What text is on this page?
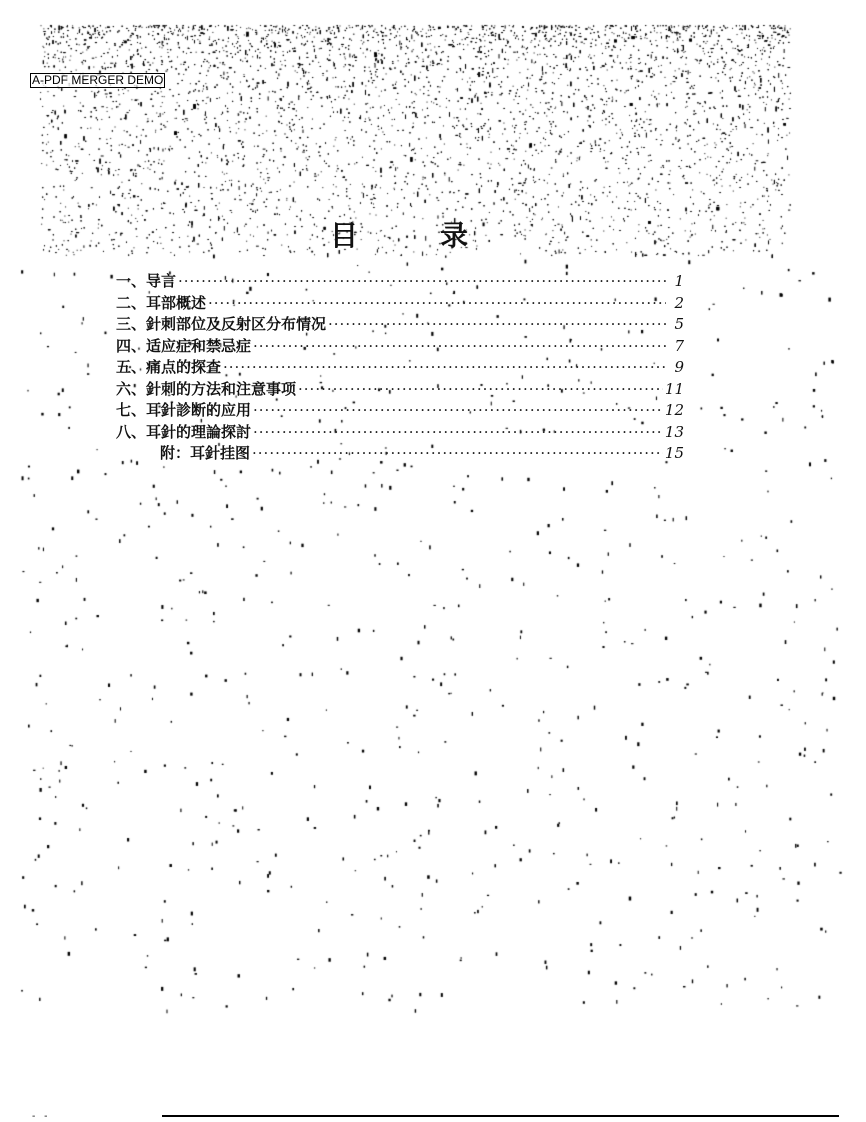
A-PDF MERGER DEMO
目	录
一、导言 ·····	1
二、耳部概述 ·····	2
三、針刺部位及反射区分布情况 ·····	5
四、适应症和禁忌症 ·····	7
五、痛点的探查 ·····	9
六、針刺的方法和注意事项 ·····	11
七、耳針診断的应用 ·····	12
八、耳針的理論探討 ·····	13
附：耳針挂图 ·····	15
- -
